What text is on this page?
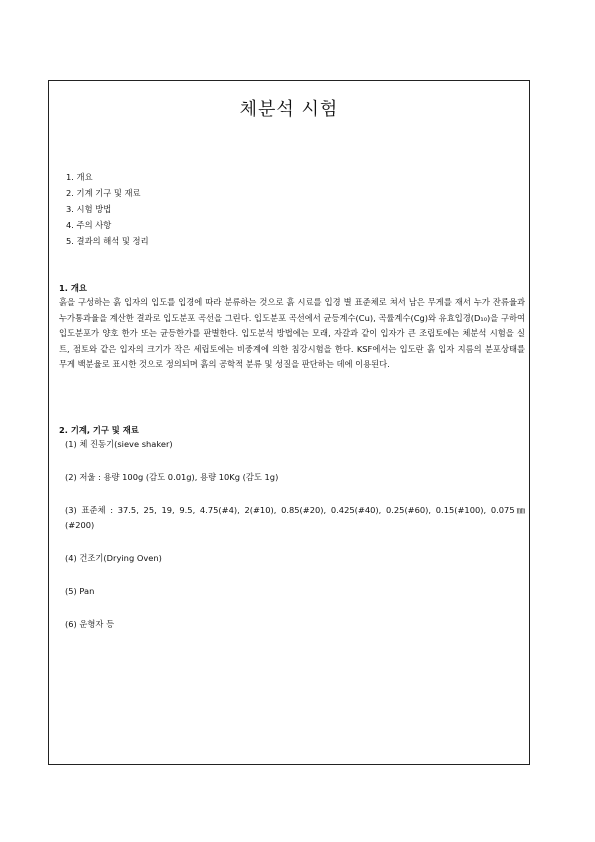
체분석 시험
1. 개요
2. 기계 기구 및 재료
3. 시험 방법
4. 주의 사항
5. 결과의 해석 및 정리
1. 개요

흙을 구성하는 흙 입자의 입도를 입경에 따라 분류하는 것으로 흙 시료를 입경 별 표준체로 쳐서 남은 무게를 재서 누가 잔류율과 누가통과율을 계산한 결과로 입도분포 곡선을 그린다. 입도분포 곡선에서 균등계수(Cu), 곡률계수(Cg)와 유효입경(D₁₀)을 구하여 입도분포가 양호 한가 또는 균등한가를 판별한다. 입도분석 방법에는 모래, 자갈과 같이 입자가 큰 조립토에는 체분석 시험을 실트, 점토와 같은 입자의 크기가 작은 세립토에는 비중계에 의한 침강시험을 한다. KSF에서는 입도란 흙 입자 지름의 분포상태를 무게 백분율로 표시한 것으로 정의되며 흙의 공학적 분류 및 성질을 판단하는 데에 이용된다.

2. 기계, 기구 및 재료
(1) 체 진동기(sieve shaker)
(2) 저울 : 용량 100g (감도 0.01g), 용량 10Kg (감도 1g)
(3) 표준체 : 37.5, 25, 19, 9.5, 4.75(#4), 2(#10), 0.85(#20), 0.425(#40), 0.25(#60), 0.15(#100), 0.075㎜(#200)
(4) 건조기(Drying Oven)
(5) Pan
(6) 운형자 등
